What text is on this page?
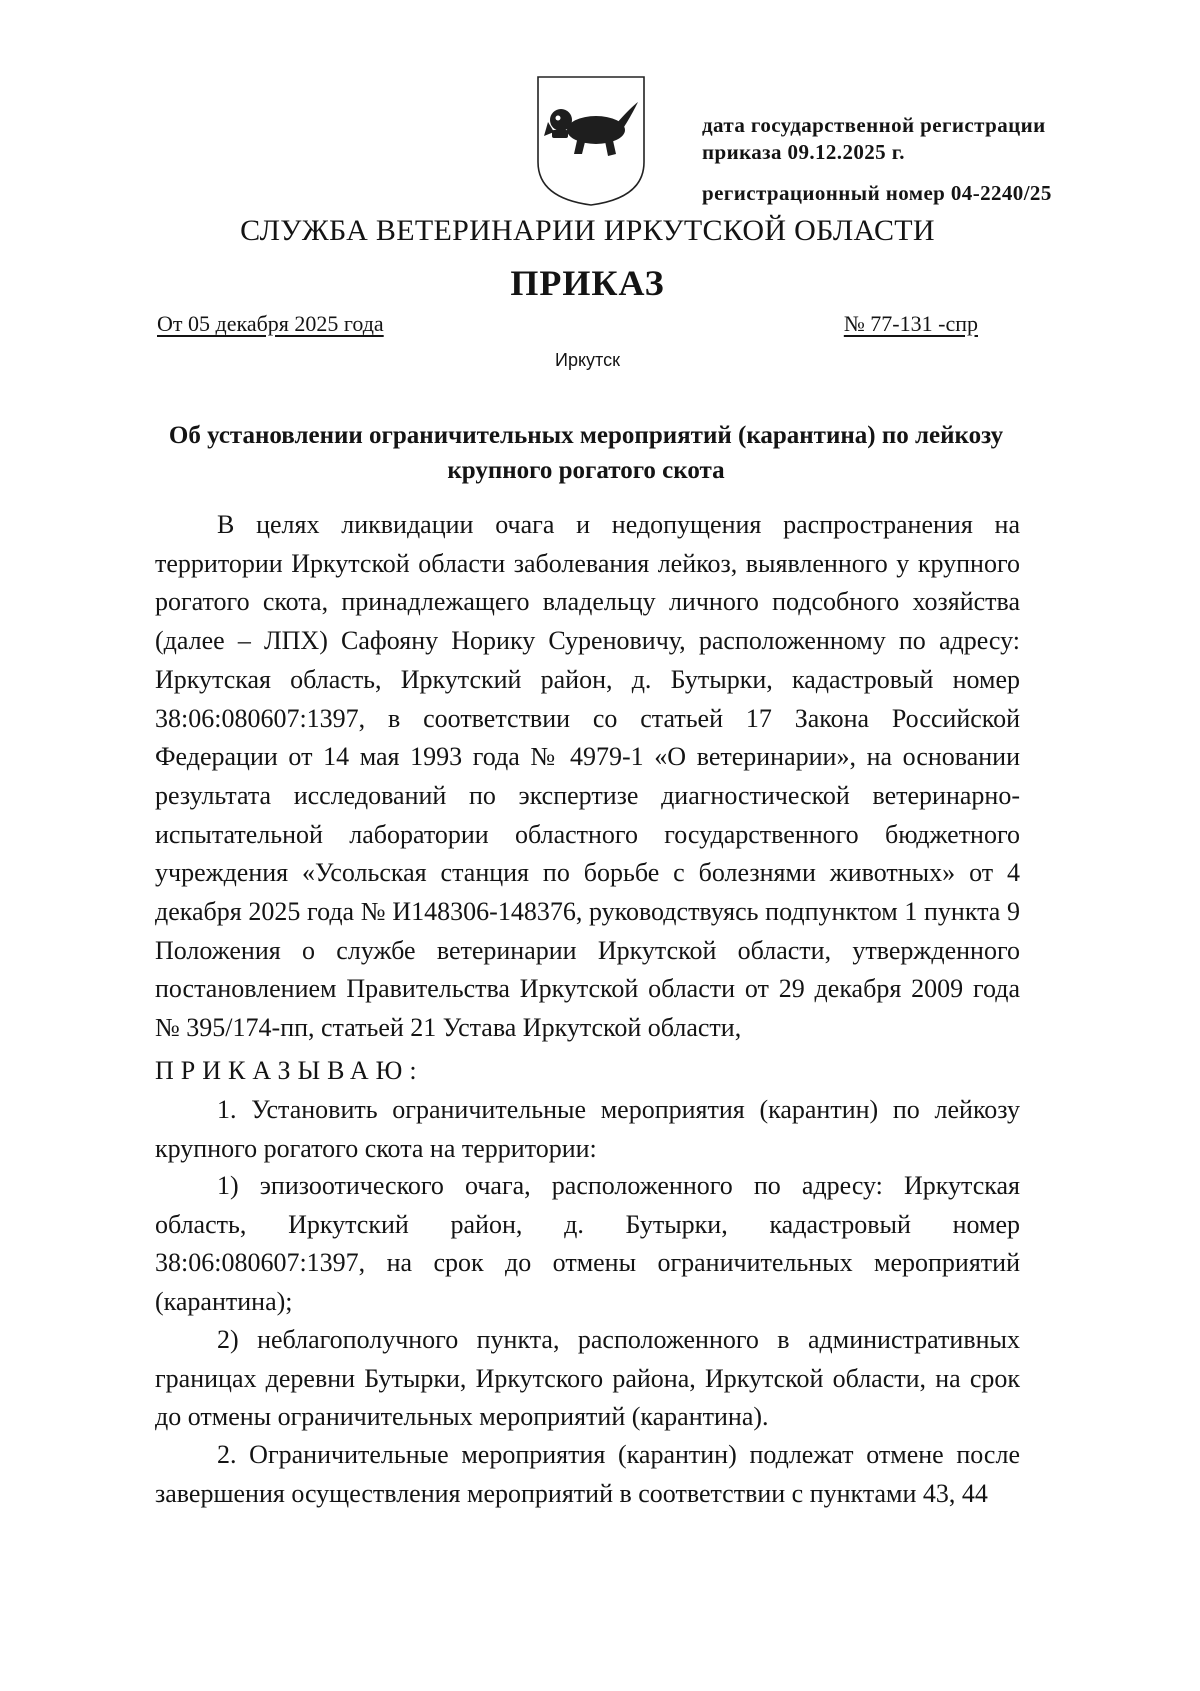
дата государственной регистрации
приказа 09.12.2025 г.
регистрационный номер 04-2240/25
СЛУЖБА ВЕТЕРИНАРИИ ИРКУТСКОЙ ОБЛАСТИ
ПРИКАЗ
От 05 декабря 2025 года	№ 77-131 -спр
Иркутск
Об установлении ограничительных мероприятий (карантина) по лейкозу крупного рогатого скота

В целях ликвидации очага и недопущения распространения на территории Иркутской области заболевания лейкоз, выявленного у крупного рогатого скота, принадлежащего владельцу личного подсобного хозяйства (далее – ЛПХ) Сафояну Норику Суреновичу, расположенному по адресу: Иркутская область, Иркутский район, д. Бутырки, кадастровый номер 38:06:080607:1397, в соответствии со статьей 17 Закона Российской Федерации от 14 мая 1993 года № 4979-1 «О ветеринарии», на основании результата исследований по экспертизе диагностической ветеринарно-испытательной лаборатории областного государственного бюджетного учреждения «Усольская станция по борьбе с болезнями животных» от 4 декабря 2025 года № И148306-148376, руководствуясь подпунктом 1 пункта 9 Положения о службе ветеринарии Иркутской области, утвержденного постановлением Правительства Иркутской области от 29 декабря 2009 года № 395/174-пп, статьей 21 Устава Иркутской области,

ПРИКАЗЫВАЮ:

1. Установить ограничительные мероприятия (карантин) по лейкозу крупного рогатого скота на территории:

1) эпизоотического очага, расположенного по адресу: Иркутская область, Иркутский район, д. Бутырки, кадастровый номер 38:06:080607:1397, на срок до отмены ограничительных мероприятий (карантина);

2) неблагополучного пункта, расположенного в административных границах деревни Бутырки, Иркутского района, Иркутской области, на срок до отмены ограничительных мероприятий (карантина).

2. Ограничительные мероприятия (карантин) подлежат отмене после завершения осуществления мероприятий в соответствии с пунктами 43, 44
